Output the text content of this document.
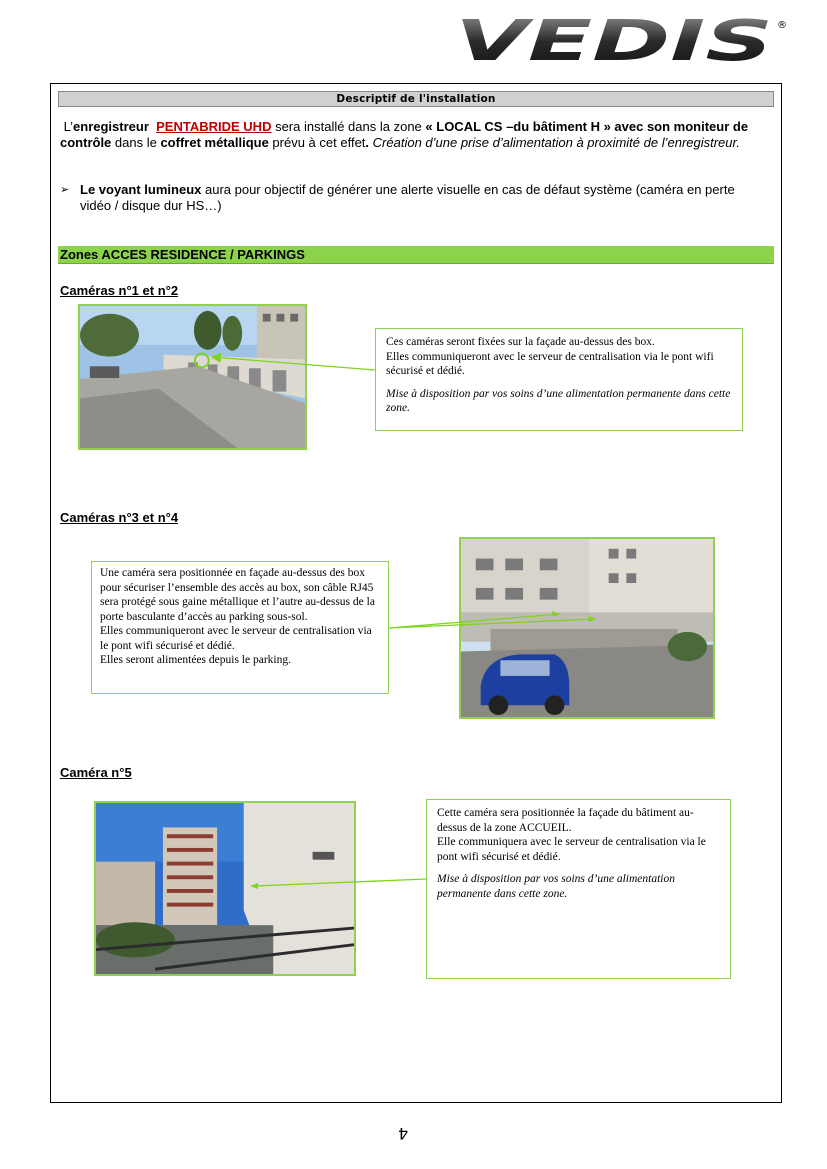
VEDIS ®
Descriptif de l'installation
L’enregistreur PENTABRIDE UHD sera installé dans la zone « LOCAL CS –du bâtiment H » avec son moniteur de contrôle dans le coffret métallique prévu à cet effet. Création d’une prise d’alimentation à proximité de l’enregistreur.
➢ Le voyant lumineux aura pour objectif de générer une alerte visuelle en cas de défaut système (caméra en perte vidéo / disque dur HS…)
Zones ACCES RESIDENCE / PARKINGS
Caméras n°1 et n°2

Ces caméras seront fixées sur la façade au-dessus des box.

Elles communiqueront avec le serveur de centralisation via le pont wifi sécurisé et dédié.

Mise à disposition par vos soins d’une alimentation permanente dans cette zone.

Caméras n°3 et n°4

Une caméra sera positionnée en façade au-dessus des box pour sécuriser l’ensemble des accès au box, son câble RJ45 sera protégé sous gaine métallique et l’autre au-dessus de la porte basculante d’accès au parking sous-sol.

Elles communiqueront avec le serveur de centralisation via le pont wifi sécurisé et dédié.

Elles seront alimentées depuis le parking.

Caméra n°5

Cette caméra sera positionnée la façade du bâtiment au-dessus de la zone ACCUEIL.

Elle communiquera avec le serveur de centralisation via le pont wifi sécurisé et dédié.

Mise à disposition par vos soins d’une alimentation permanente dans cette zone.

4
